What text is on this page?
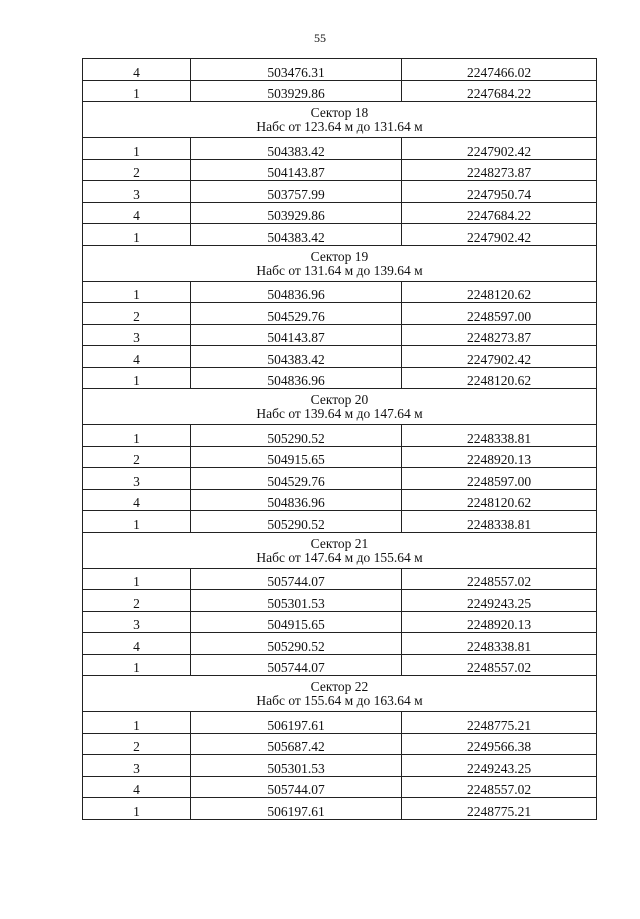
55
4	503476.31	2247466.02
1	503929.86	2247684.22

Сектор 18
Набс от 123.64 м до 131.64 м		

1	504383.42	2247902.42
2	504143.87	2248273.87
3	503757.99	2247950.74
4	503929.86	2247684.22
1	504383.42	2247902.42

Сектор 19
Набс от 131.64 м до 139.64 м		

1	504836.96	2248120.62
2	504529.76	2248597.00
3	504143.87	2248273.87
4	504383.42	2247902.42
1	504836.96	2248120.62

Сектор 20
Набс от 139.64 м до 147.64 м		

1	505290.52	2248338.81
2	504915.65	2248920.13
3	504529.76	2248597.00
4	504836.96	2248120.62
1	505290.52	2248338.81

Сектор 21
Набс от 147.64 м до 155.64 м		

1	505744.07	2248557.02
2	505301.53	2249243.25
3	504915.65	2248920.13
4	505290.52	2248338.81
1	505744.07	2248557.02

Сектор 22
Набс от 155.64 м до 163.64 м		

1	506197.61	2248775.21
2	505687.42	2249566.38
3	505301.53	2249243.25
4	505744.07	2248557.02
1	506197.61	2248775.21
